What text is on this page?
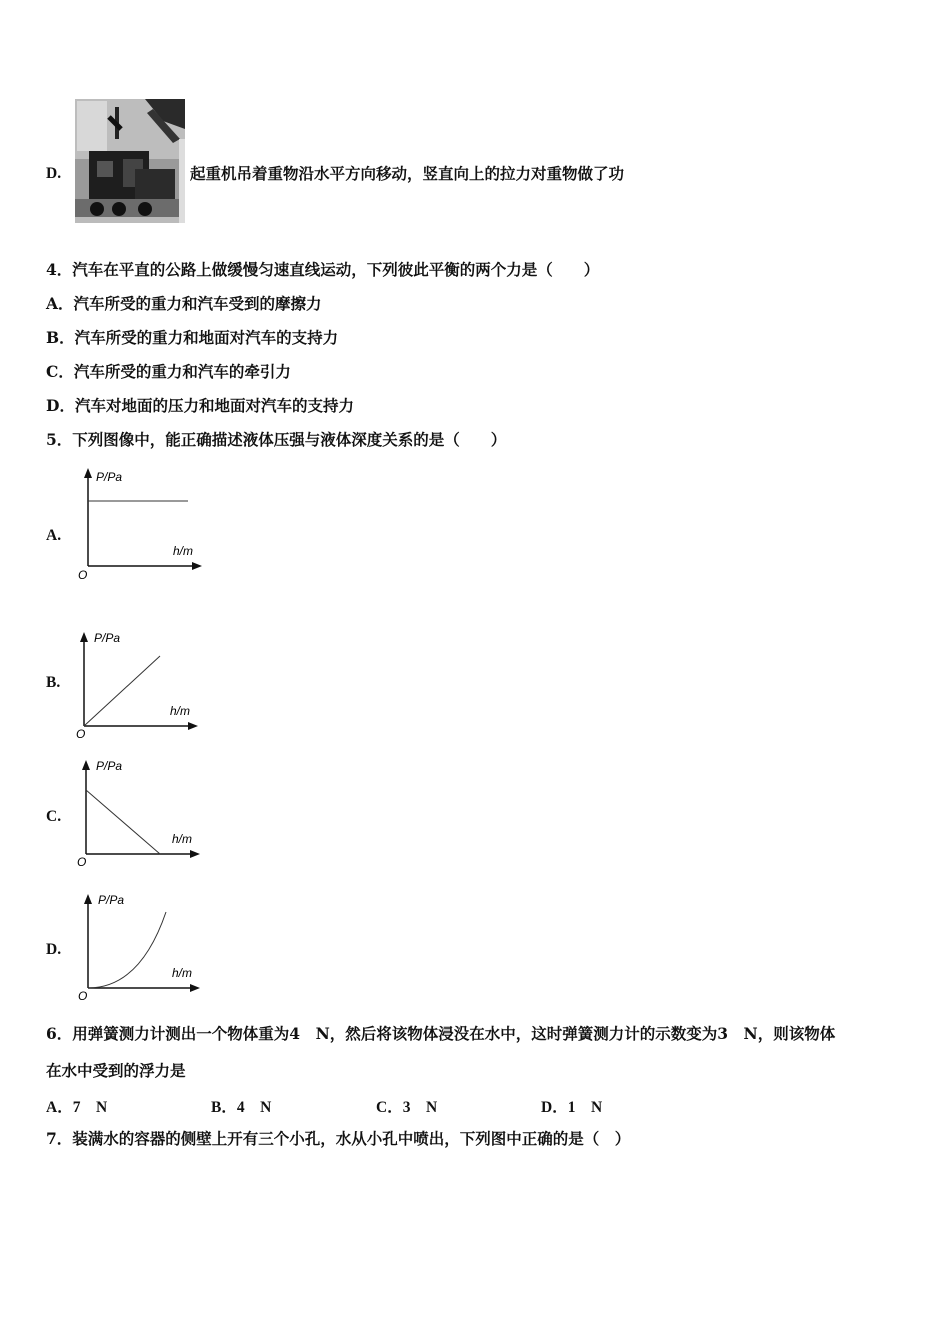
D.	起重机吊着重物沿水平方向移动，竖直向上的拉力对重物做了功
4．汽车在平直的公路上做缓慢匀速直线运动，下列彼此平衡的两个力是（　　）
A．汽车所受的重力和汽车受到的摩擦力
B．汽车所受的重力和地面对汽车的支持力
C．汽车所受的重力和汽车的牵引力
D．汽车对地面的压力和地面对汽车的支持力
5．下列图像中，能正确描述液体压强与液体深度关系的是（　　）
A.
P/Pa
h/m
O
B.
P/Pa
h/m
O
C.
P/Pa
h/m
O
D.
P/Pa
h/m
O
6．用弹簧测力计测出一个物体重为4　N，然后将该物体浸没在水中，这时弹簧测力计的示数变为3　N，则该物体
在水中受到的浮力是
A．7　N	B．4　N	C．3　N	D．1　N
7．装满水的容器的侧壁上开有三个小孔，水从小孔中喷出，下列图中正确的是（　）
